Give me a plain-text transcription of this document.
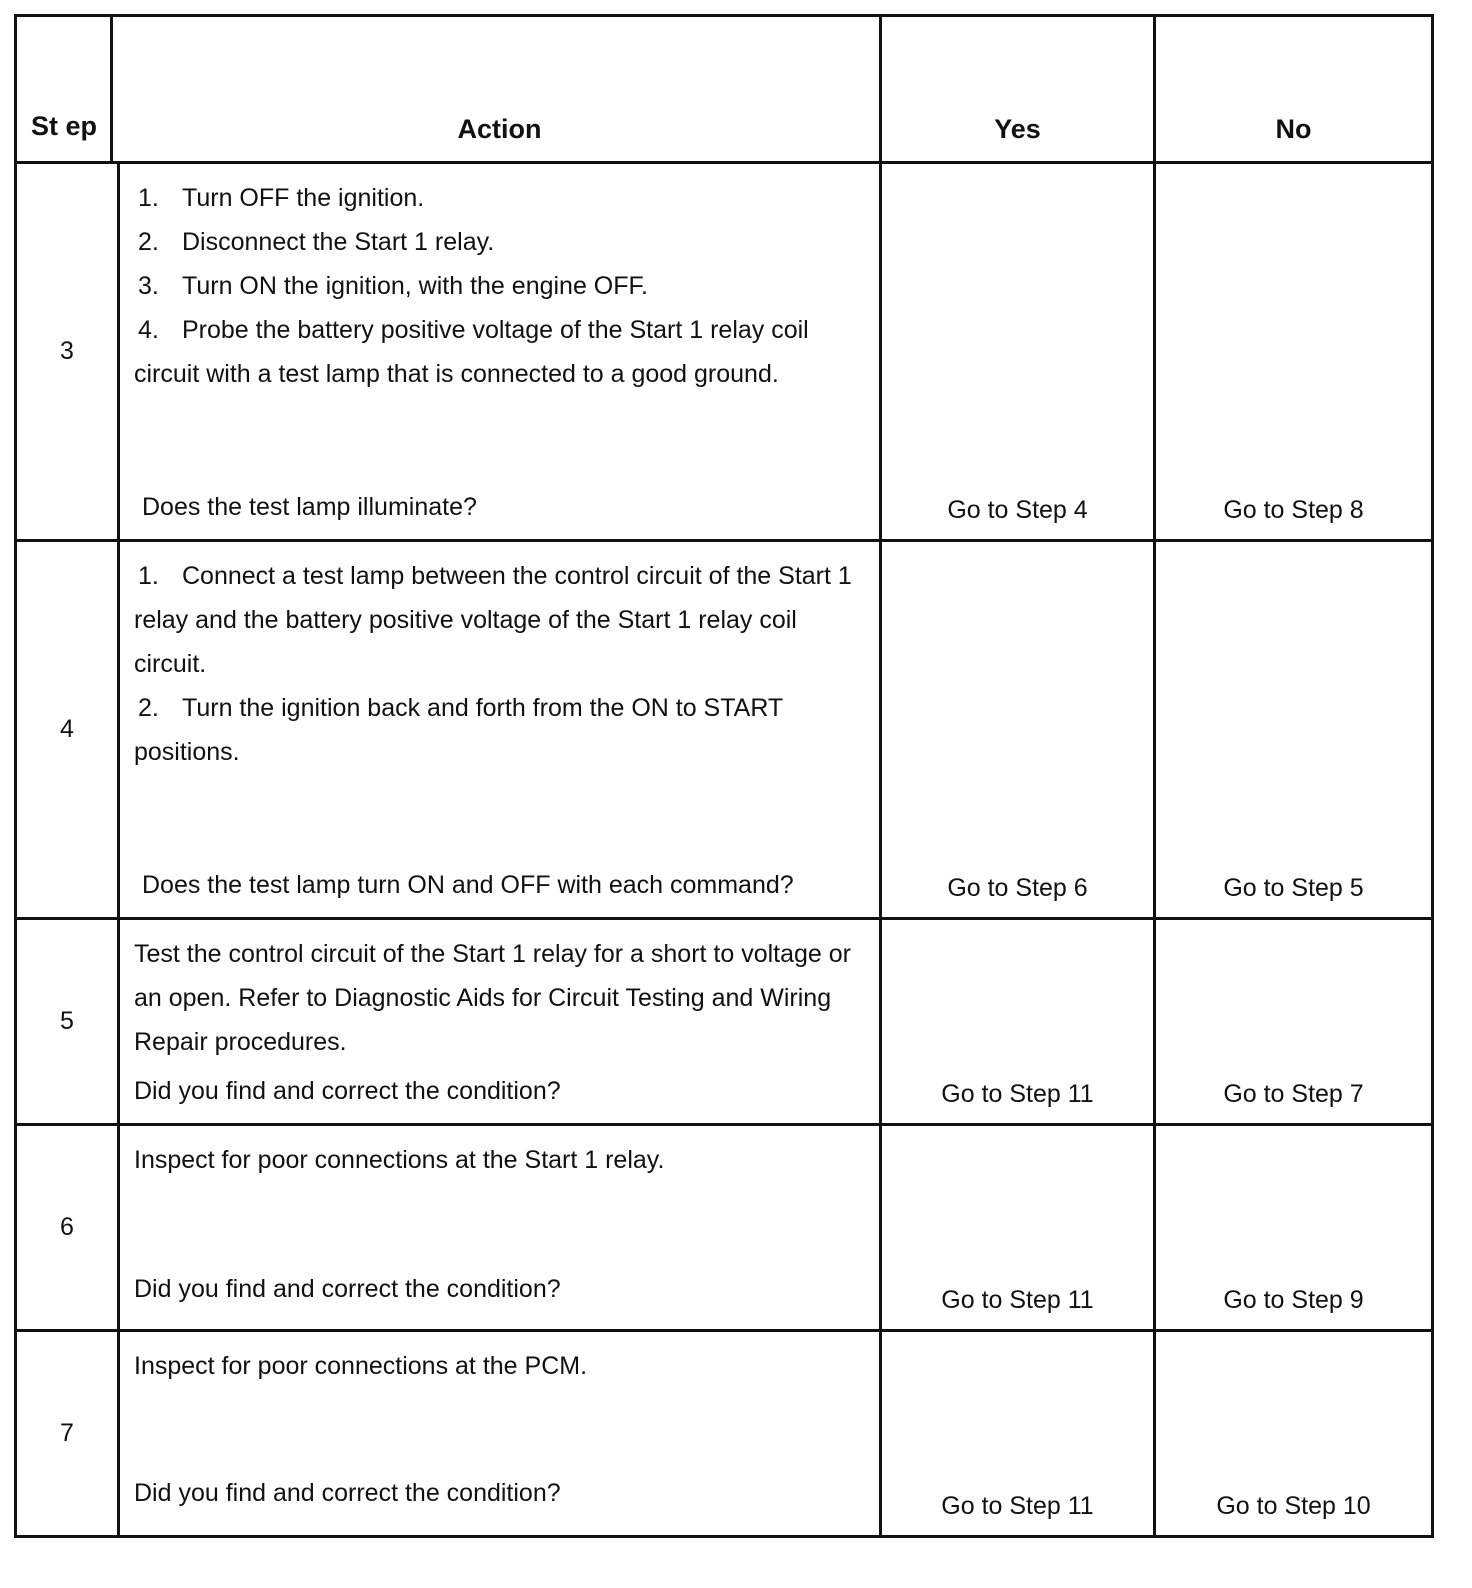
St ep	Action	Yes	No
3
1. Turn OFF the ignition.
2. Disconnect the Start 1 relay.
3. Turn ON the ignition, with the engine OFF.
4. Probe the battery positive voltage of the Start 1 relay coil circuit with a test lamp that is connected to a good ground.
Does the test lamp illuminate?	Go to Step 4	Go to Step 8
4
1. Connect a test lamp between the control circuit of the Start 1 relay and the battery positive voltage of the Start 1 relay coil circuit.
2. Turn the ignition back and forth from the ON to START positions.
Does the test lamp turn ON and OFF with each command?	Go to Step 6	Go to Step 5
5
Test the control circuit of the Start 1 relay for a short to voltage or an open. Refer to Diagnostic Aids for Circuit Testing and Wiring Repair procedures.
Did you find and correct the condition?	Go to Step 11	Go to Step 7
6
Inspect for poor connections at the Start 1 relay.
Did you find and correct the condition?	Go to Step 11	Go to Step 9
7
Inspect for poor connections at the PCM.
Did you find and correct the condition?	Go to Step 11	Go to Step 10
